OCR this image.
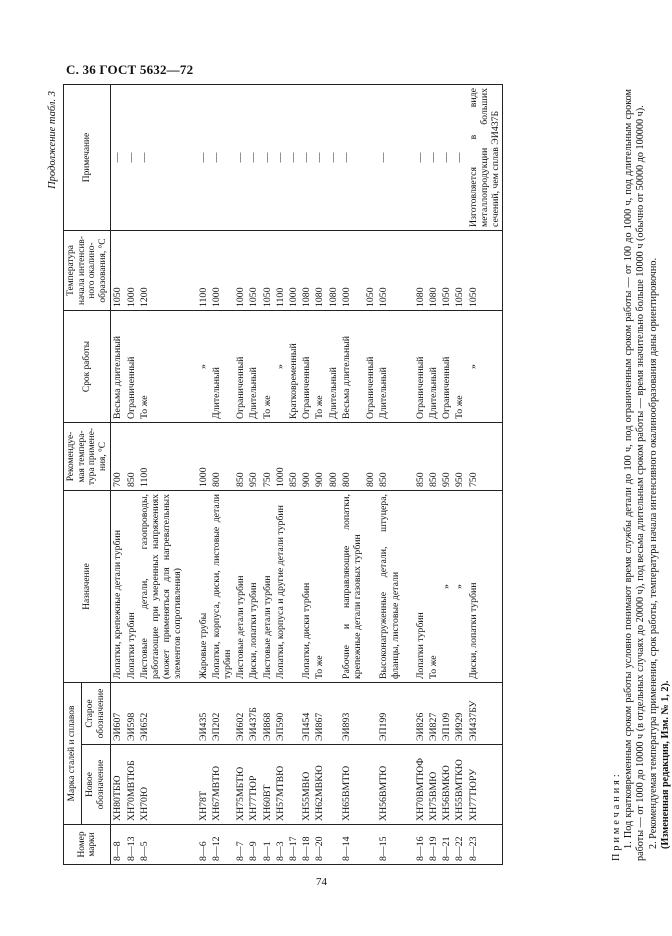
С. 36 ГОСТ 5632—72
Продолжение табл. 3
Номер марки	Марка сталей и сплавов		Назначение	Рекомендуе-мая темпера-тура примене-ния, °С	Срок работы	Температура начала интенсив-ного окалино-образования, °С	Примечание
	Новое обозначение	Старое обозначение					
8—8	ХН80ТБЮ	ЭИ607	Лопатки, крепежные детали турбин	700	Весьма длительный	1050	—
8—13	ХН70МВТЮБ	ЭИ598	Лопатки турбин	850	Ограниченный	1000	—
8—5	ХН70Ю	ЭИ652	Листовые детали, газопроводы, работающие при умеренных напряжениях (может применяться для нагревательных элементов сопротивления)	1100	То же	1200	—

8—6	ХН78Т	ЭИ435	Жаровые трубы	1000	»	1100	—
8—12	ХН67МВТЮ	ЭП202	Лопатки, корпуса, диски, листовые детали турбин	800	Длительный	1000	—
8—7	ХН75МБТЮ	ЭИ602	Листовые детали турбин	850	Ограниченный	1000	—
8—9	ХН77ТЮР	ЭИ437Б	Диски, лопатки турбин	950	Длительный	1050	—
8—1	ХН60ВТ	ЭИ868	Листовые детали турбин	750	То же	1050	—
8—3	ХН57МТВЮ	ЭП590	Лопатки, корпуса и другие детали турбин	1000	»	1100	—
8—17				850	Кратковременный	1000	—
8—18	ХН55МВЮ	ЭП454	Лопатки, диски турбин	900	Ограниченный	1080	—
8—20	ХН62МВКЮ	ЭИ867	То же	900	То же	1080	—
				800	Длительный	1080	—
8—14	ХН65ВМТЮ	ЭИ893	Рабочие и направляющие лопатки, крепежные детали газовых турбин	800	Весьма длительный	1000	—
				800	Ограниченный	1050	
8—15	ХН56ВМТЮ	ЭП199	Высоконагруженные детали, штуцера, фланцы, листовые детали	850	Длительный	1050	—

8—16	ХН70ВМТЮФ	ЭИ826	Лопатки турбин	850	Ограниченный	1080	—
8—19	ХН75ВМЮ	ЭИ827	То же	850	Длительный	1080	—
8—21	ХН56ВМКЮ	ЭП109	»	950	Ограниченный	1050	—
8—22	ХН55ВМТКЮ	ЭИ929	»	950	То же	1050	—
8—23	ХН77ТЮРУ	ЭИ437БУ	Диски, лопатки турбин	750	»	1050	Изготовляется в виде металлопродукции больших сечений, чем сплав ЭИ437Б

Примечания: 1. Под кратковременным сроком работы условно понимают время службы детали до 100 ч, под ограниченным сроком работы — от 100 до 1000 ч, под длительным сроком работы — от 1000 до 10000 ч (в отдельных случаях до 20000 ч), под весьма длительным сроком работы — время значительно больше 10000 ч (обычно от 50000 до 100000 ч). 2. Рекомендуемая температура применения, срок работы, температура начала интенсивного окалинообразования даны ориентировочно. (Измененная редакция, Изм. № 1, 2).

74
